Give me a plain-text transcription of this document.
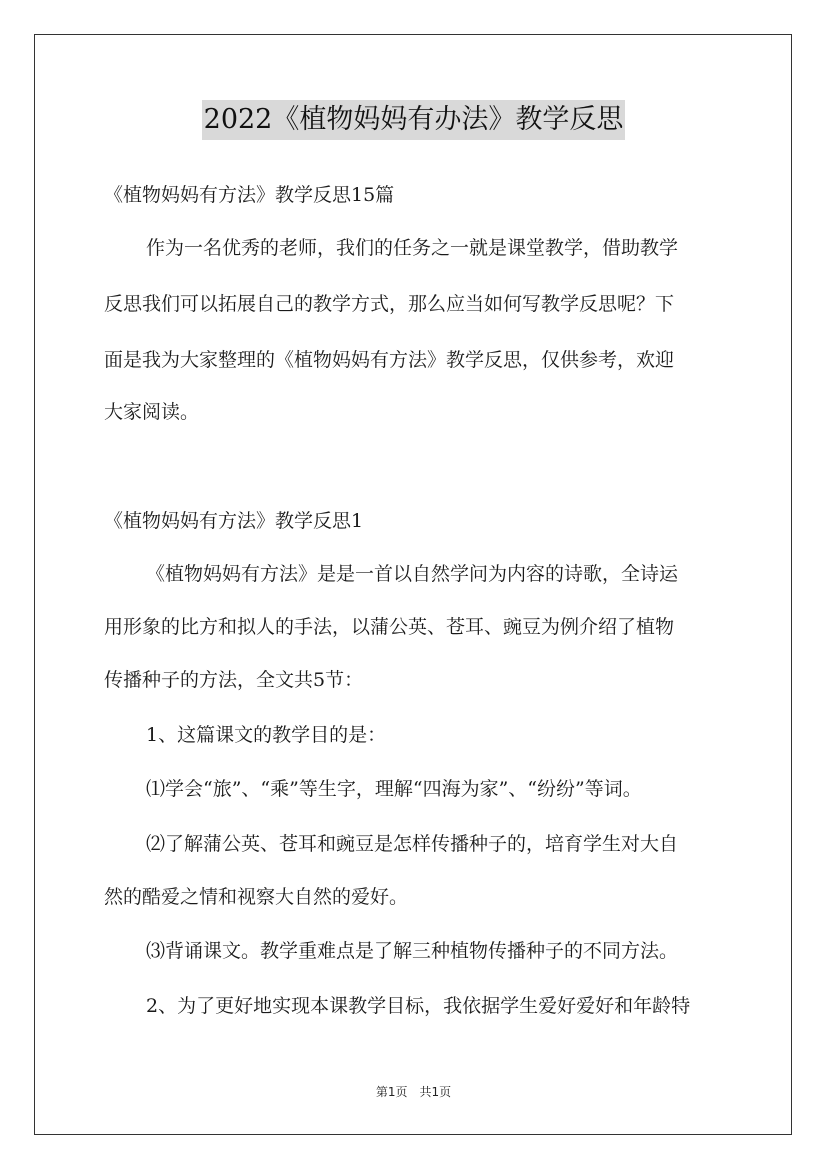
2022《植物妈妈有办法》教学反思
《植物妈妈有方法》教学反思15篇
作为一名优秀的老师，我们的任务之一就是课堂教学，借助教学
反思我们可以拓展自己的教学方式，那么应当如何写教学反思呢？下
面是我为大家整理的《植物妈妈有方法》教学反思，仅供参考，欢迎
大家阅读。
《植物妈妈有方法》教学反思1
《植物妈妈有方法》是是一首以自然学问为内容的诗歌，全诗运
用形象的比方和拟人的手法，以蒲公英、苍耳、豌豆为例介绍了植物
传播种子的方法，全文共5节：
1、这篇课文的教学目的是：
⑴学会“旅”、“乘”等生字，理解“四海为家”、“纷纷”等词。
⑵了解蒲公英、苍耳和豌豆是怎样传播种子的，培育学生对大自
然的酷爱之情和视察大自然的爱好。
⑶背诵课文。教学重难点是了解三种植物传播种子的不同方法。
2、为了更好地实现本课教学目标，我依据学生爱好爱好和年龄特
第1页　共1页
